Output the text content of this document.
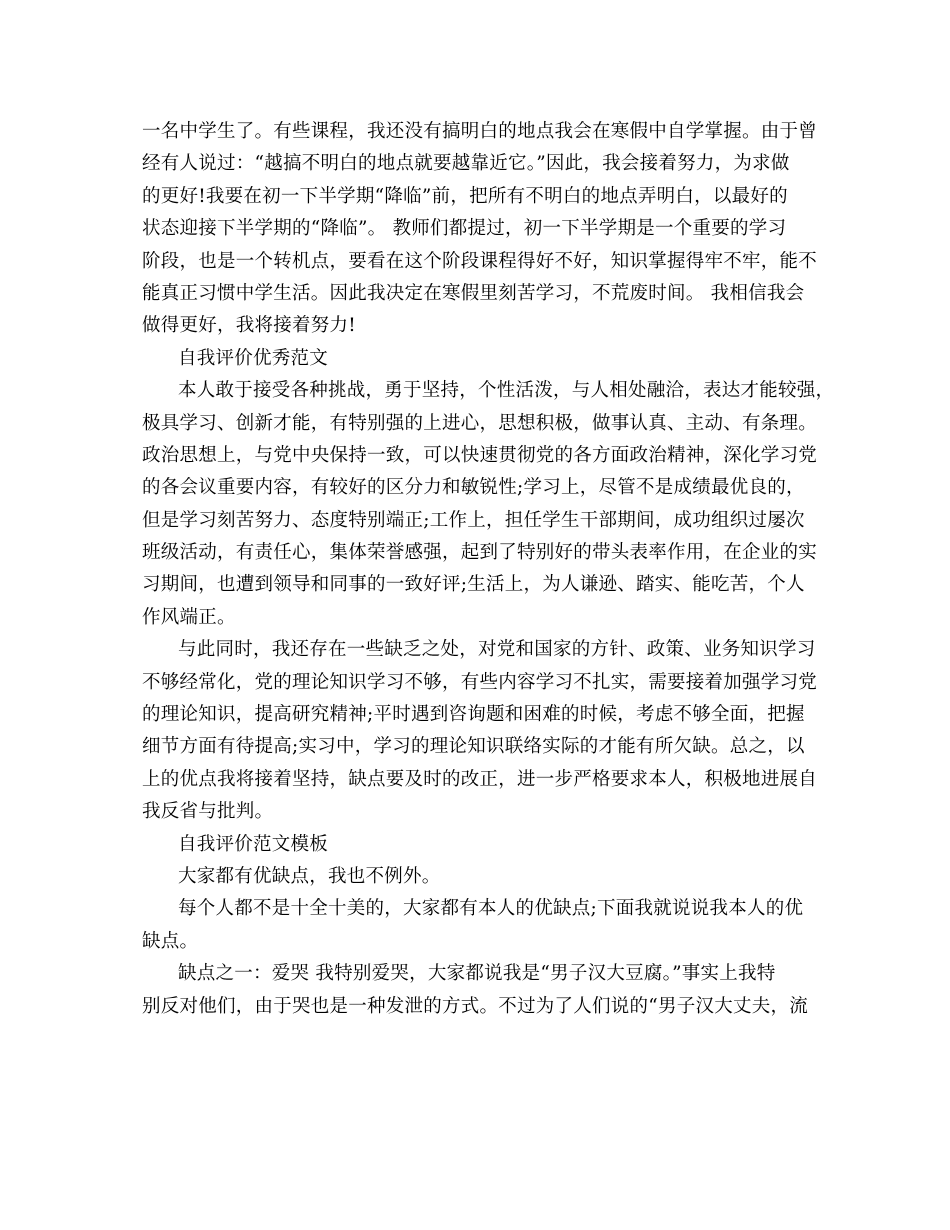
一名中学生了。有些课程，我还没有搞明白的地点我会在寒假中自学掌握。由于曾
经有人说过：“越搞不明白的地点就要越靠近它。”因此，我会接着努力，为求做
的更好!我要在初一下半学期“降临”前，把所有不明白的地点弄明白，以最好的
状态迎接下半学期的“降临”。 教师们都提过，初一下半学期是一个重要的学习
阶段，也是一个转机点，要看在这个阶段课程得好不好，知识掌握得牢不牢，能不
能真正习惯中学生活。因此我决定在寒假里刻苦学习，不荒废时间。 我相信我会
做得更好，我将接着努力!
自我评价优秀范文
本人敢于接受各种挑战，勇于坚持，个性活泼，与人相处融洽，表达才能较强，
极具学习、创新才能，有特别强的上进心，思想积极，做事认真、主动、有条理。
政治思想上，与党中央保持一致，可以快速贯彻党的各方面政治精神，深化学习党
的各会议重要内容，有较好的区分力和敏锐性;学习上，尽管不是成绩最优良的，
但是学习刻苦努力、态度特别端正;工作上，担任学生干部期间，成功组织过屡次
班级活动，有责任心，集体荣誉感强，起到了特别好的带头表率作用，在企业的实
习期间，也遭到领导和同事的一致好评;生活上，为人谦逊、踏实、能吃苦，个人
作风端正。
与此同时，我还存在一些缺乏之处，对党和国家的方针、政策、业务知识学习
不够经常化，党的理论知识学习不够，有些内容学习不扎实，需要接着加强学习党
的理论知识，提高研究精神;平时遇到咨询题和困难的时候，考虑不够全面，把握
细节方面有待提高;实习中，学习的理论知识联络实际的才能有所欠缺。总之，以
上的优点我将接着坚持，缺点要及时的改正，进一步严格要求本人，积极地进展自
我反省与批判。
自我评价范文模板
大家都有优缺点，我也不例外。
每个人都不是十全十美的，大家都有本人的优缺点;下面我就说说我本人的优
缺点。
缺点之一：爱哭 我特别爱哭，大家都说我是“男子汉大豆腐。”事实上我特
别反对他们，由于哭也是一种发泄的方式。不过为了人们说的“男子汉大丈夫，流
